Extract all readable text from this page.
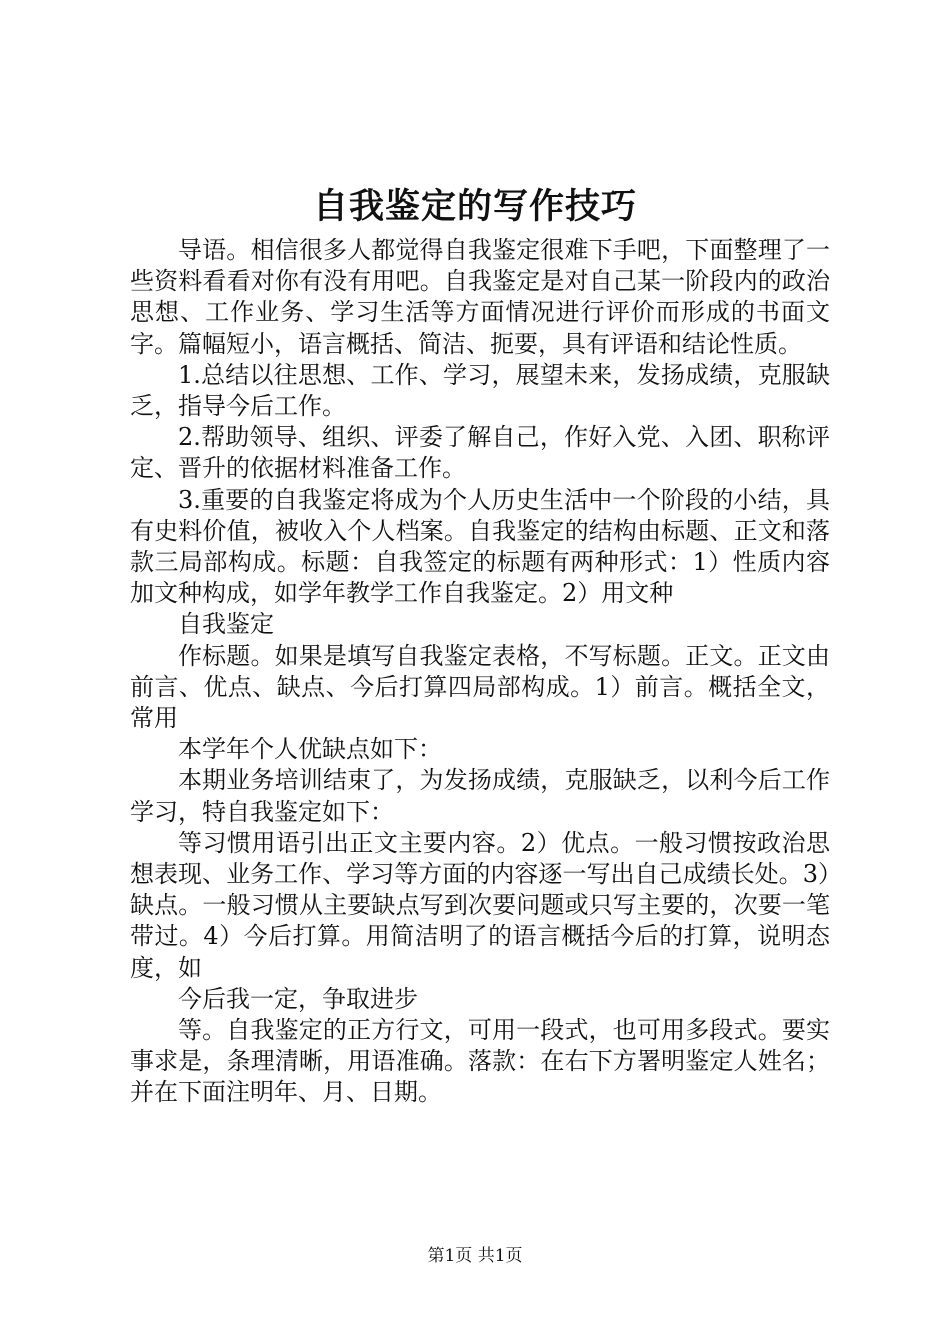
自我鉴定的写作技巧

导语。相信很多人都觉得自我鉴定很难下手吧，下面整理了一些资料看看对你有没有用吧。自我鉴定是对自己某一阶段内的政治思想、工作业务、学习生活等方面情况进行评价而形成的书面文字。篇幅短小，语言概括、简洁、扼要，具有评语和结论性质。

1.总结以往思想、工作、学习，展望未来，发扬成绩，克服缺乏，指导今后工作。

2.帮助领导、组织、评委了解自己，作好入党、入团、职称评定、晋升的依据材料准备工作。

3.重要的自我鉴定将成为个人历史生活中一个阶段的小结，具有史料价值，被收入个人档案。自我鉴定的结构由标题、正文和落款三局部构成。标题：自我签定的标题有两种形式：1）性质内容加文种构成，如学年教学工作自我鉴定。2）用文种

自我鉴定

作标题。如果是填写自我鉴定表格，不写标题。正文。正文由前言、优点、缺点、今后打算四局部构成。1）前言。概括全文，常用

本学年个人优缺点如下：

本期业务培训结束了，为发扬成绩，克服缺乏，以利今后工作学习，特自我鉴定如下：

等习惯用语引出正文主要内容。2）优点。一般习惯按政治思想表现、业务工作、学习等方面的内容逐一写出自己成绩长处。3）缺点。一般习惯从主要缺点写到次要问题或只写主要的，次要一笔带过。4）今后打算。用简洁明了的语言概括今后的打算，说明态度，如

今后我一定，争取进步

等。自我鉴定的正方行文，可用一段式，也可用多段式。要实事求是，条理清晰，用语准确。落款：在右下方署明鉴定人姓名；并在下面注明年、月、日期。

第1页 共1页
